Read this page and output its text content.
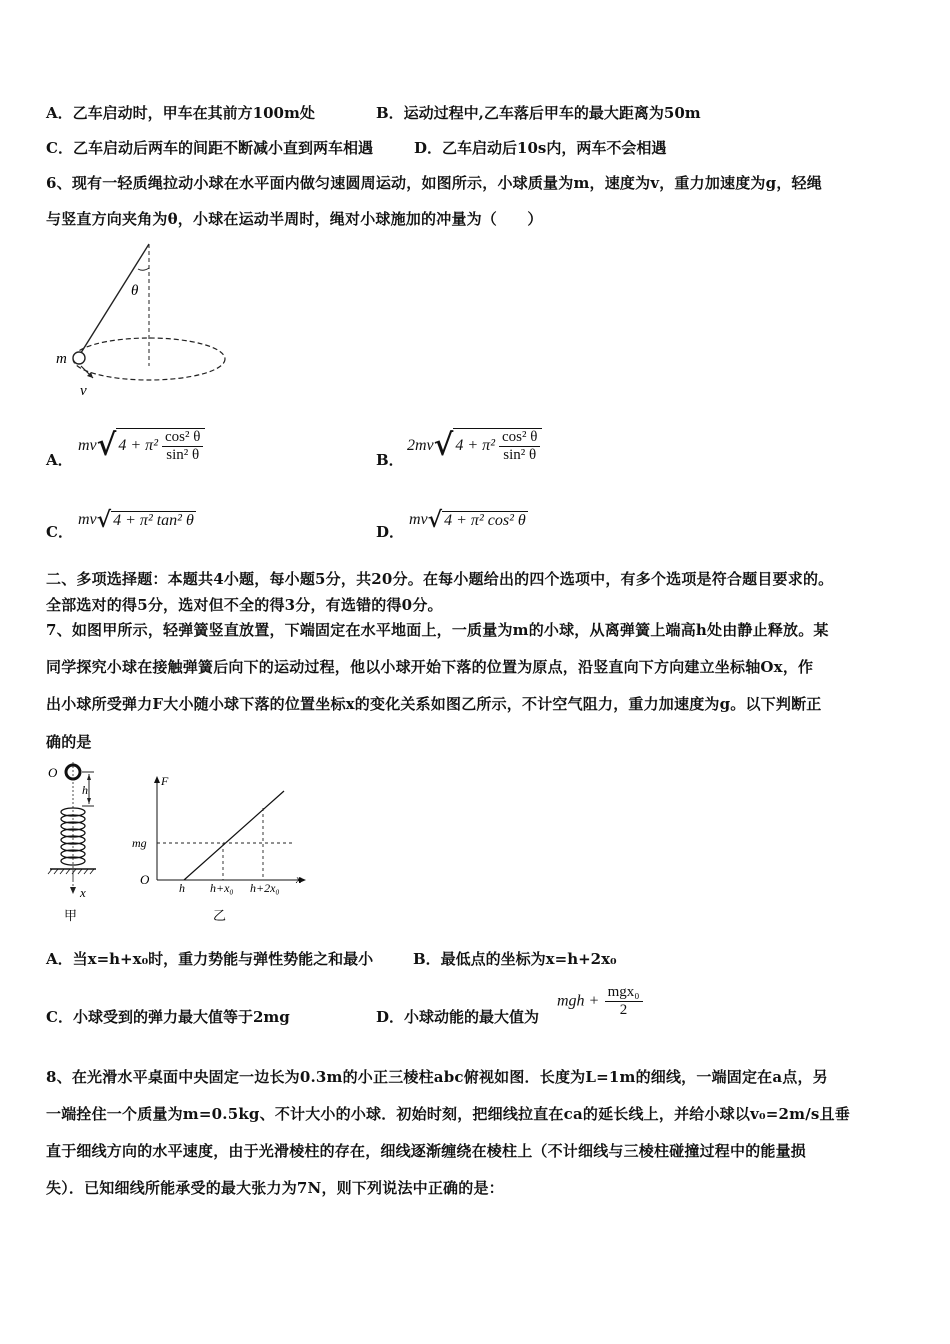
A．乙车启动时，甲车在其前方100m处	B．运动过程中,乙车落后甲车的最大距离为50m
C．乙车启动后两车的间距不断减小直到两车相遇	D．乙车启动后10s内，两车不会相遇
6、现有一轻质绳拉动小球在水平面内做匀速圆周运动，如图所示，小球质量为m，速度为v，重力加速度为g，轻绳
与竖直方向夹角为θ，小球在运动半周时，绳对小球施加的冲量为（　　）
θ
m
v
A．
mv√ $4 + \pi^2 \frac{\text{cos² θ}}{\text{sin² θ}}$	B．
2mv√ $4 + \pi^2 \frac{\text{cos² θ}}{\text{sin² θ}}$
C．
mv√ 4 + π² tan² θ
D．
mv√ 4 + π² cos² θ
二、多项选择题：本题共4小题，每小题5分，共20分。在每小题给出的四个选项中，有多个选项是符合题目要求的。
全部选对的得5分，选对但不全的得3分，有选错的得0分。
7、如图甲所示，轻弹簧竖直放置，下端固定在水平地面上，一质量为m的小球，从离弹簧上端高h处由静止释放。某
同学探究小球在接触弹簧后向下的运动过程，他以小球开始下落的位置为原点，沿竖直向下方向建立坐标轴Ox，作
出小球所受弹力F大小随小球下落的位置坐标x的变化关系如图乙所示，不计空气阻力，重力加速度为g。以下判断正
确的是
O
h
x
甲
F
mg
O
h h+x₀ h+2x₀
x
乙
A．当x=h+x₀时，重力势能与弹性势能之和最小	B．最低点的坐标为x=h+2x₀
C．小球受到的弹力最大值等于2mg	D．小球动能的最大值为
mgh + $\frac{\text{mgx₀}}{2}$
8、在光滑水平桌面中央固定一边长为0.3m的小正三棱柱abc俯视如图．长度为L=1m的细线，一端固定在a点，另
一端拴住一个质量为m=0.5kg、不计大小的小球．初始时刻，把细线拉直在ca的延长线上，并给小球以v₀=2m/s且垂
直于细线方向的水平速度，由于光滑棱柱的存在，细线逐渐缠绕在棱柱上（不计细线与三棱柱碰撞过程中的能量损
失）．已知细线所能承受的最大张力为7N，则下列说法中正确的是：
